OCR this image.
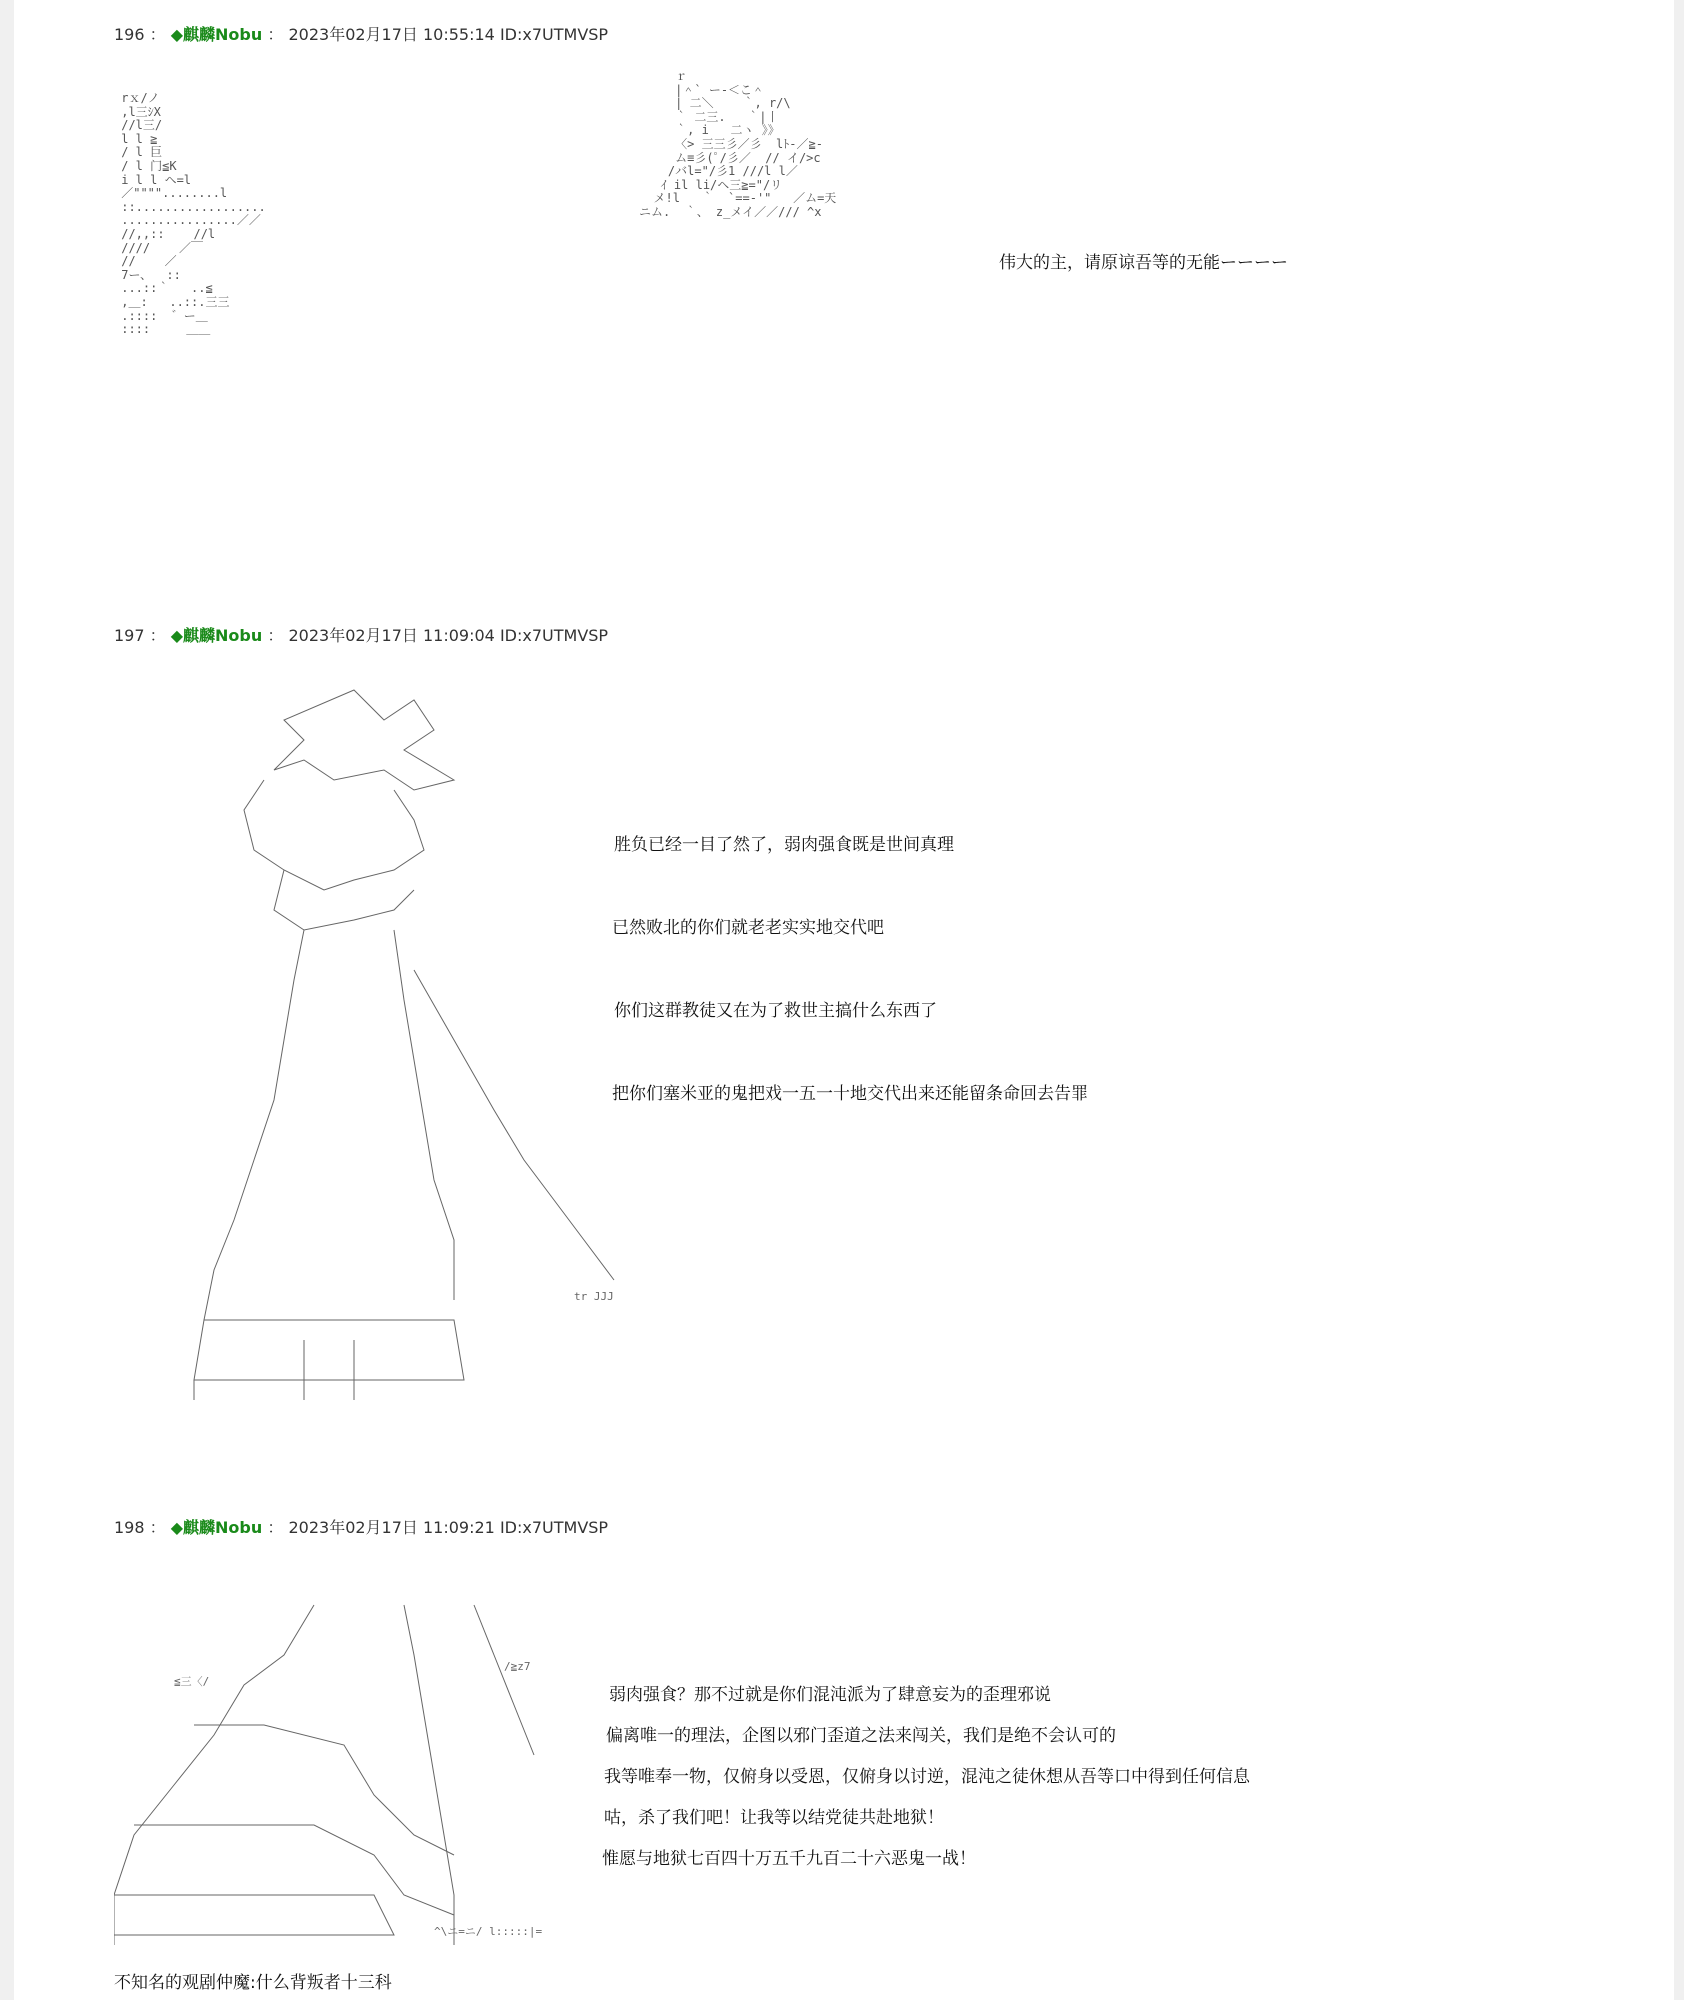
196 ： ◆麒麟Nobu ： 2023年02月17日 10:55:14 ID:x7UTMVSP
rｘ/ノ
,l三ｼX
//l三/
l l ≧
/ l 巨
/ l 门≦K
i l l ヘ=l
／""""........l
::..................
................／／
//,,::    //l
////    ／￣
//    ／
7ー、  ::
...::｀   ..≦
,＿:   ..::.三三
.::::  ゛ー＿
::::     ＿＿
ｒ
|＾` ー-＜こ＾
| 二＼    ｀, r/\
｀ 二三.   ｀|丨
｀, i   二ヽ 》》
〈> 三三彡／彡  lﾄ-／≧-
ム≡彡(ﾟ/彡／  // イ/>c
/バl="/彡1 ///l l／
ｲ il li/ヘ三≧="/リ
メ!l   ｀  `==-'"   ／ム=天
ニム.  ｀、 z_メイ／／/// ^x
伟大的主，请原谅吾等的无能ーーーー
197 ： ◆麒麟Nobu ： 2023年02月17日 11:09:04 ID:x7UTMVSP
tr JJJ
胜负已经一目了然了，弱肉强食既是世间真理
已然败北的你们就老老实实地交代吧
你们这群教徒又在为了救世主搞什么东西了
把你们塞米亚的鬼把戏一五一十地交代出来还能留条命回去告罪
198 ： ◆麒麟Nobu ： 2023年02月17日 11:09:21 ID:x7UTMVSP
/≧z7
≦三〈/
^\ニ=ニ/ l:::::|=
弱肉强食？那不过就是你们混沌派为了肆意妄为的歪理邪说
偏离唯一的理法，企图以邪门歪道之法来闯关，我们是绝不会认可的
我等唯奉一物，仅俯身以受恩，仅俯身以讨逆，混沌之徒休想从吾等口中得到任何信息
咕，杀了我们吧！让我等以结党徒共赴地狱！
惟愿与地狱七百四十万五千九百二十六恶鬼一战！
不知名的观剧仲魔:什么背叛者十三科
